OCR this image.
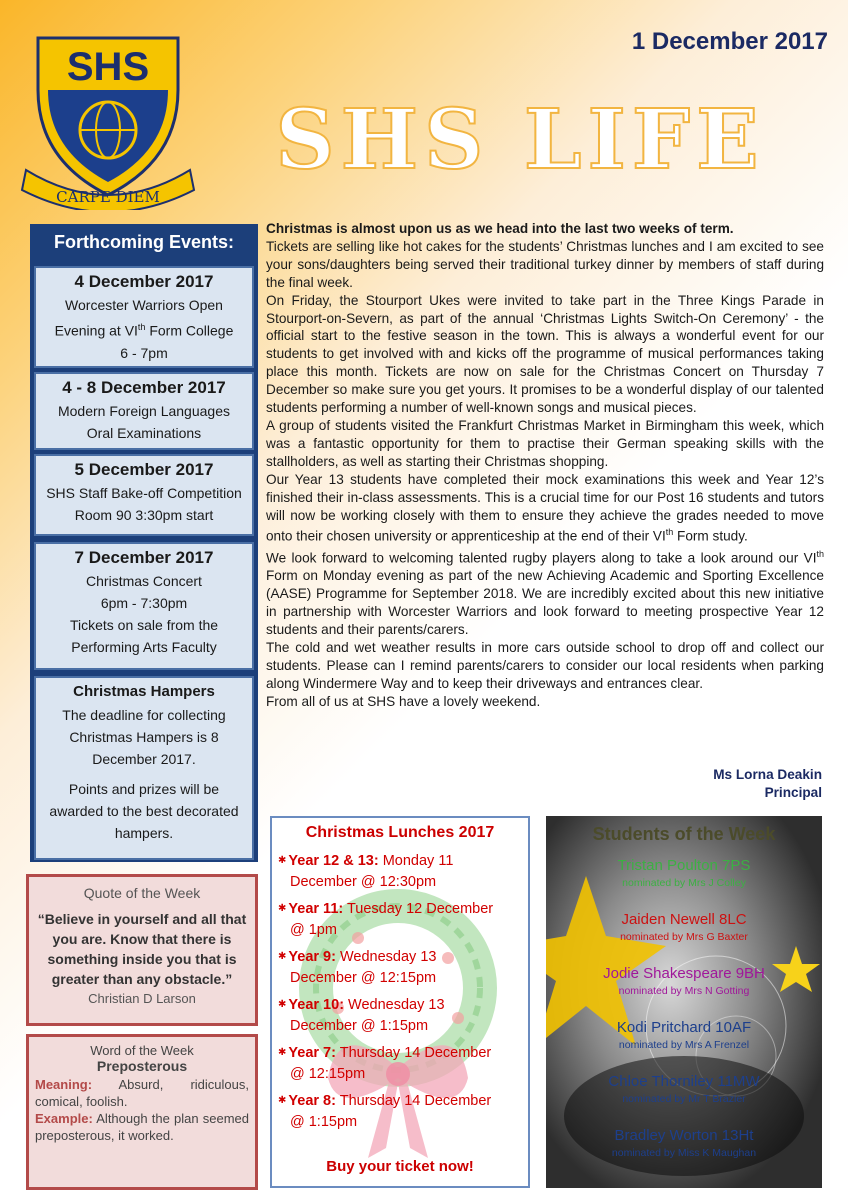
SHS
CARPE DIEM
1 December 2017
SHS LIFE
Forthcoming Events:
4 December 2017

Worcester Warriors Open

Evening at VIth Form College

6 - 7pm

4 - 8 December 2017

Modern Foreign Languages

Oral Examinations

5 December 2017

SHS Staff Bake-off Competition

Room 90 3:30pm start

7 December 2017

Christmas Concert

6pm - 7:30pm

Tickets on sale from the

Performing Arts Faculty

Christmas Hampers

The deadline for collecting Christmas Hampers is 8 December 2017.

Points and prizes will be awarded to the best decorated hampers.

Quote of the Week
“Believe in yourself and all that you are. Know that there is something inside you that is greater than any obstacle.”
Christian D Larson
Word of the Week
Preposterous
Meaning: Absurd, ridiculous, comical, foolish.
Example: Although the plan seemed preposterous, it worked.

Christmas is almost upon us as we head into the last two weeks of term.

Tickets are selling like hot cakes for the students’ Christmas lunches and I am excited to see your sons/daughters being served their traditional turkey dinner by members of staff during the final week.

On Friday, the Stourport Ukes were invited to take part in the Three Kings Parade in Stourport-on-Severn, as part of the annual ‘Christmas Lights Switch-On Ceremony’ - the official start to the festive season in the town. This is always a wonderful event for our students to get involved with and kicks off the programme of musical performances taking place this month. Tickets are now on sale for the Christmas Concert on Thursday 7 December so make sure you get yours. It promises to be a wonderful display of our talented students performing a number of well-known songs and musical pieces.

A group of students visited the Frankfurt Christmas Market in Birmingham this week, which was a fantastic opportunity for them to practise their German speaking skills with the stallholders, as well as starting their Christmas shopping.

Our Year 13 students have completed their mock examinations this week and Year 12’s finished their in-class assessments. This is a crucial time for our Post 16 students and tutors will now be working closely with them to ensure they achieve the grades needed to move onto their chosen university or apprenticeship at the end of their VIth Form study.

We look forward to welcoming talented rugby players along to take a look around our VIth Form on Monday evening as part of the new Achieving Academic and Sporting Excellence (AASE) Programme for September 2018. We are incredibly excited about this new initiative in partnership with Worcester Warriors and look forward to meeting prospective Year 12 students and their parents/carers.

The cold and wet weather results in more cars outside school to drop off and collect our students. Please can I remind parents/carers to consider our local residents when parking along Windermere Way and to keep their driveways and entrances clear.

From all of us at SHS have a lovely weekend.

Ms Lorna Deakin
Principal
Christmas Lunches 2017
✱ Year 12 & 13: Monday 11
December @ 12:30pm
✱ Year 11: Tuesday 12 December
@ 1pm
✱ Year 9: Wednesday 13
December @ 12:15pm
✱ Year 10: Wednesday 13
December @ 1:15pm
✱ Year 7: Thursday 14 December
@ 12:15pm
✱ Year 8: Thursday 14 December
@ 1:15pm
Buy your ticket now!
Students of the Week
Tristan Poulton 7PS
nominated by Mrs J Colley
Jaiden Newell 8LC
nominated by Mrs G Baxter
Jodie Shakespeare 9BH
nominated by Mrs N Gotting
Kodi Pritchard 10AF
nominated by Mrs A Frenzel
Chloe Thorniley 11MW
nominated by Mr T Brazier
Bradley Worton 13Ht
nominated by Miss K Maughan
